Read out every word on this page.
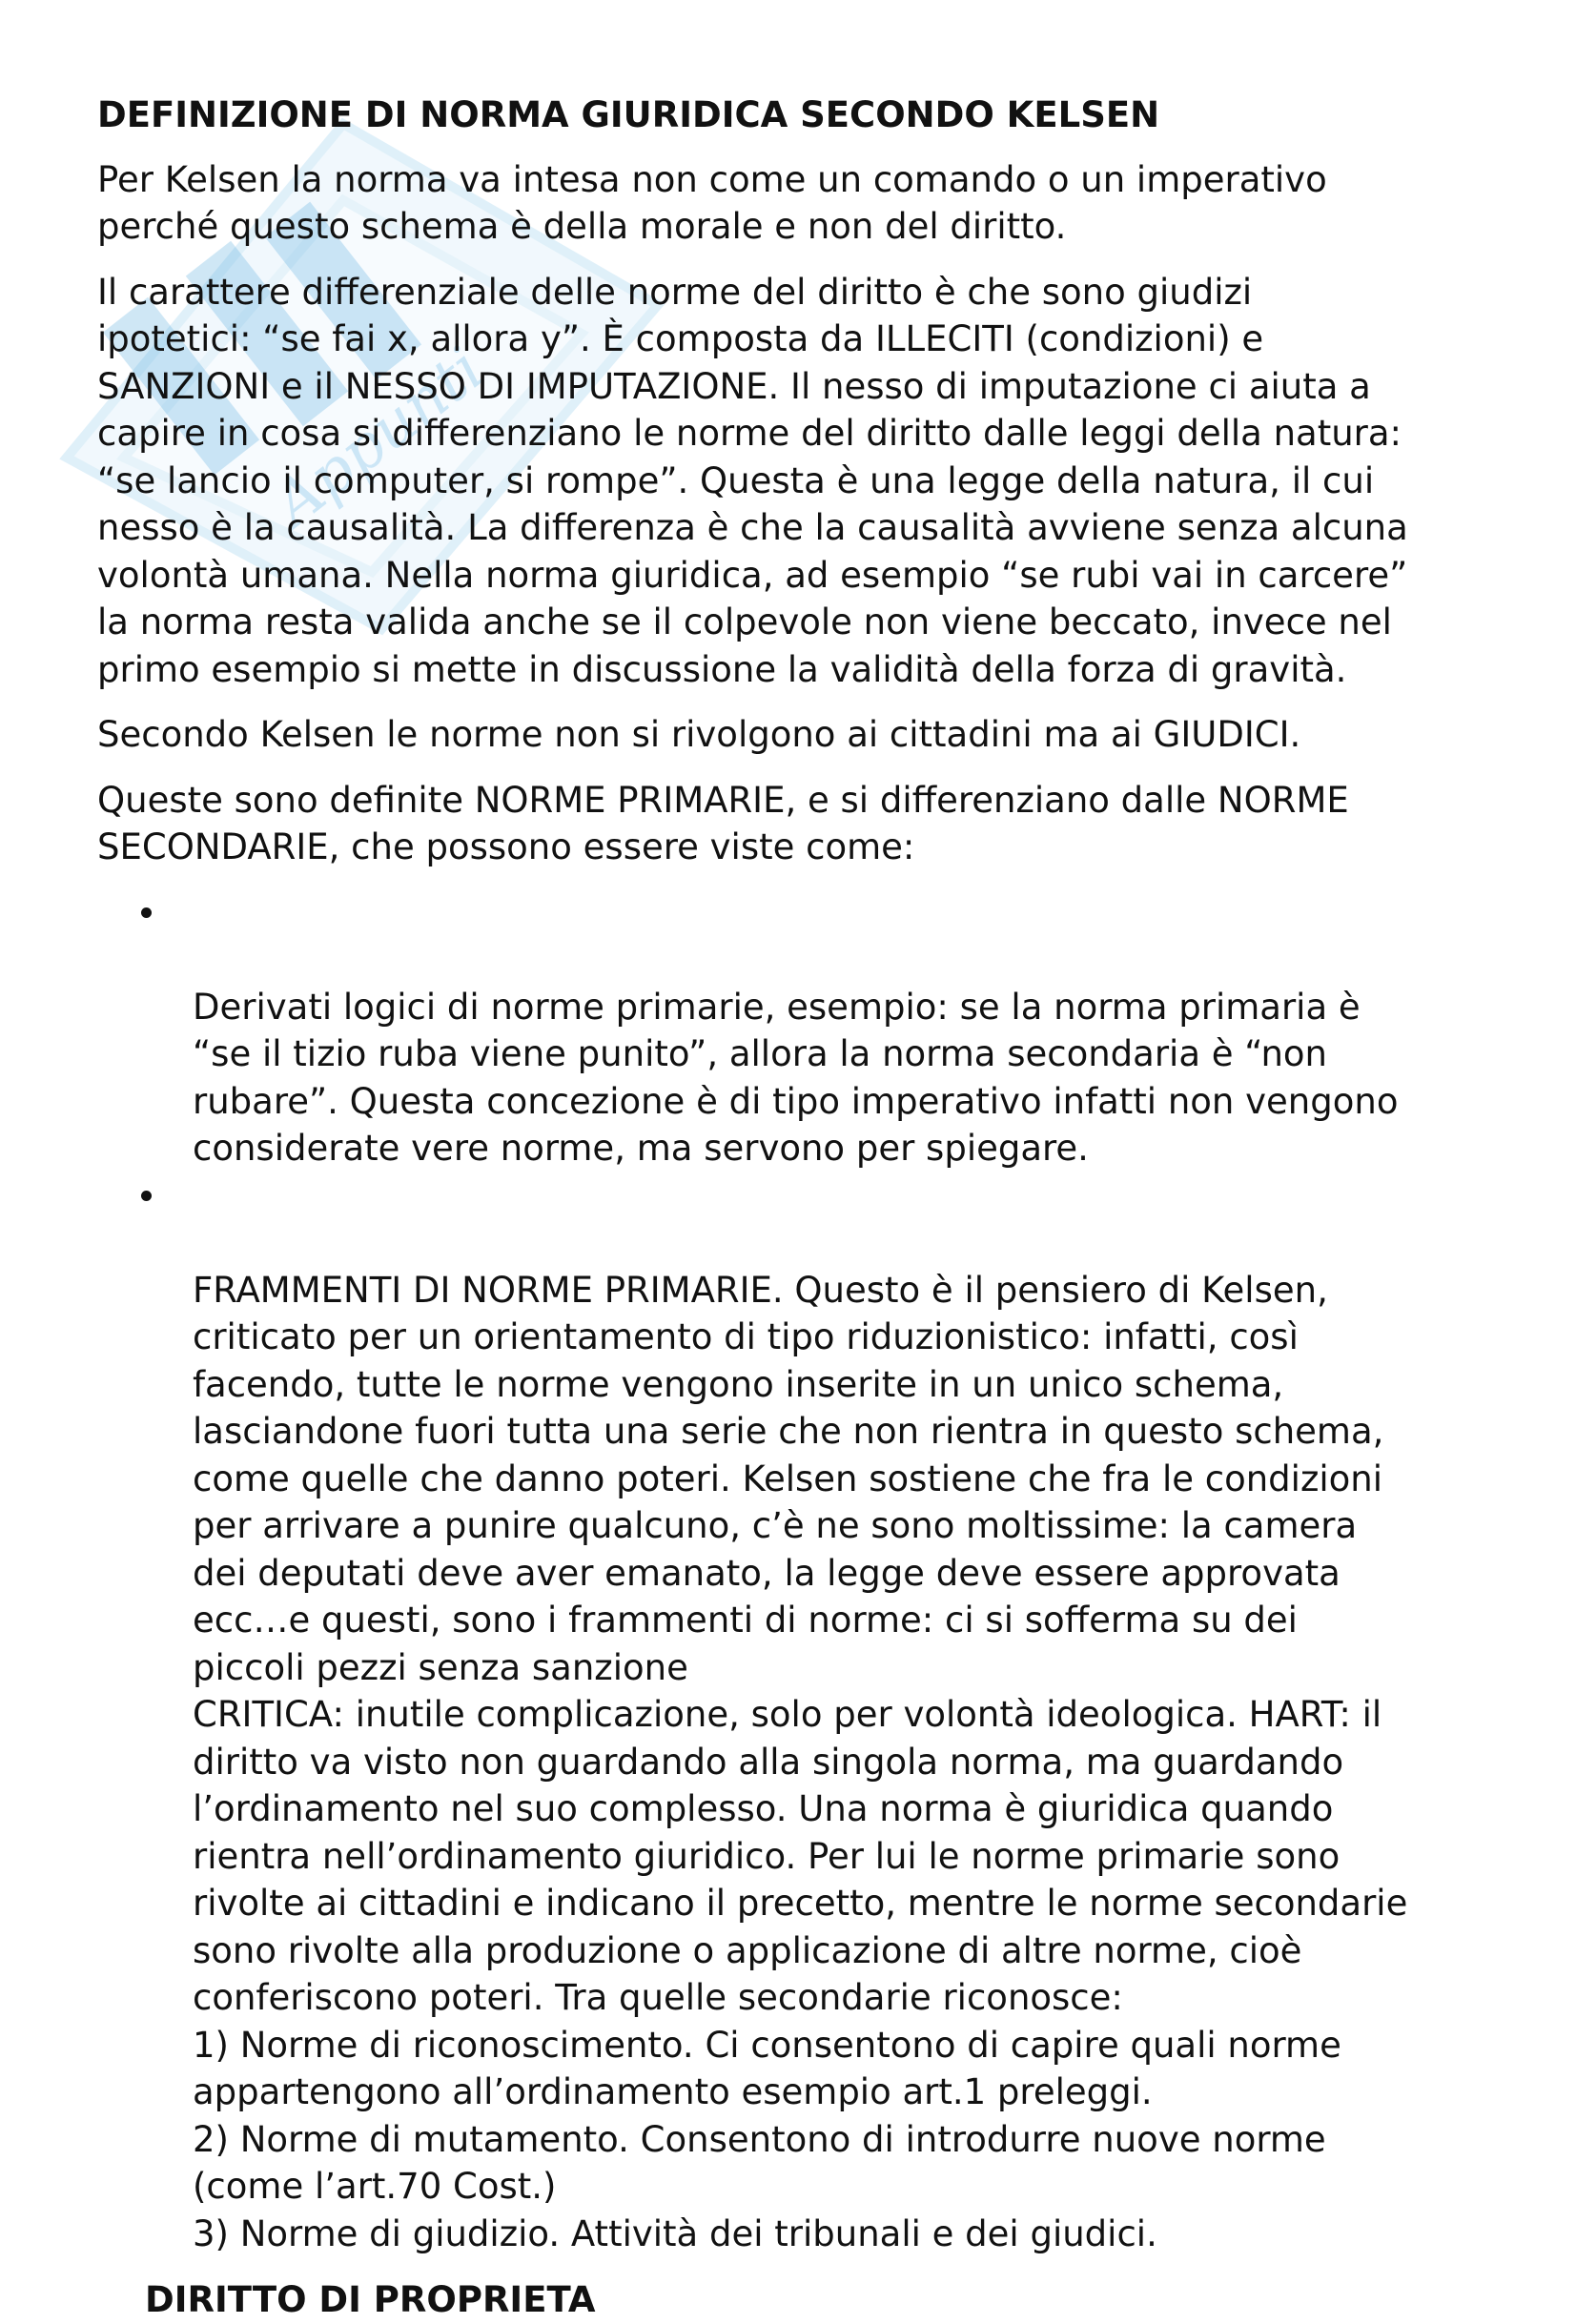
Appunti
DEFINIZIONE DI NORMA GIURIDICA SECONDO KELSEN

Per Kelsen la norma va intesa non come un comando o un imperativo
perché questo schema è della morale e non del diritto.

Il carattere differenziale delle norme del diritto è che sono giudizi
ipotetici: “se fai x, allora y”. È composta da ILLECITI (condizioni) e
SANZIONI e il NESSO DI IMPUTAZIONE. Il nesso di imputazione ci aiuta a
capire in cosa si differenziano le norme del diritto dalle leggi della natura:
“se lancio il computer, si rompe”. Questa è una legge della natura, il cui
nesso è la causalità. La differenza è che la causalità avviene senza alcuna
volontà umana. Nella norma giuridica, ad esempio “se rubi vai in carcere”
la norma resta valida anche se il colpevole non viene beccato, invece nel
primo esempio si mette in discussione la validità della forza di gravità.

Secondo Kelsen le norme non si rivolgono ai cittadini ma ai GIUDICI.

Queste sono definite NORME PRIMARIE, e si differenziano dalle NORME
SECONDARIE, che possono essere viste come:

Derivati logici di norme primarie, esempio: se la norma primaria è
“se il tizio ruba viene punito”, allora la norma secondaria è “non
rubare”. Questa concezione è di tipo imperativo infatti non vengono
considerate vere norme, ma servono per spiegare.

FRAMMENTI DI NORME PRIMARIE. Questo è il pensiero di Kelsen,
criticato per un orientamento di tipo riduzionistico: infatti, così
facendo, tutte le norme vengono inserite in un unico schema,
lasciandone fuori tutta una serie che non rientra in questo schema,
come quelle che danno poteri. Kelsen sostiene che fra le condizioni
per arrivare a punire qualcuno, c’è ne sono moltissime: la camera
dei deputati deve aver emanato, la legge deve essere approvata
ecc…e questi, sono i frammenti di norme: ci si sofferma su dei
piccoli pezzi senza sanzione
CRITICA: inutile complicazione, solo per volontà ideologica. HART: il
diritto va visto non guardando alla singola norma, ma guardando
l’ordinamento nel suo complesso. Una norma è giuridica quando
rientra nell’ordinamento giuridico. Per lui le norme primarie sono
rivolte ai cittadini e indicano il precetto, mentre le norme secondarie
sono rivolte alla produzione o applicazione di altre norme, cioè
conferiscono poteri. Tra quelle secondarie riconosce:
1) Norme di riconoscimento. Ci consentono di capire quali norme
appartengono all’ordinamento esempio art.1 preleggi.
2) Norme di mutamento. Consentono di introdurre nuove norme
(come l’art.70 Cost.)
3) Norme di giudizio. Attività dei tribunali e dei giudici.

DIRITTO DI PROPRIETA
